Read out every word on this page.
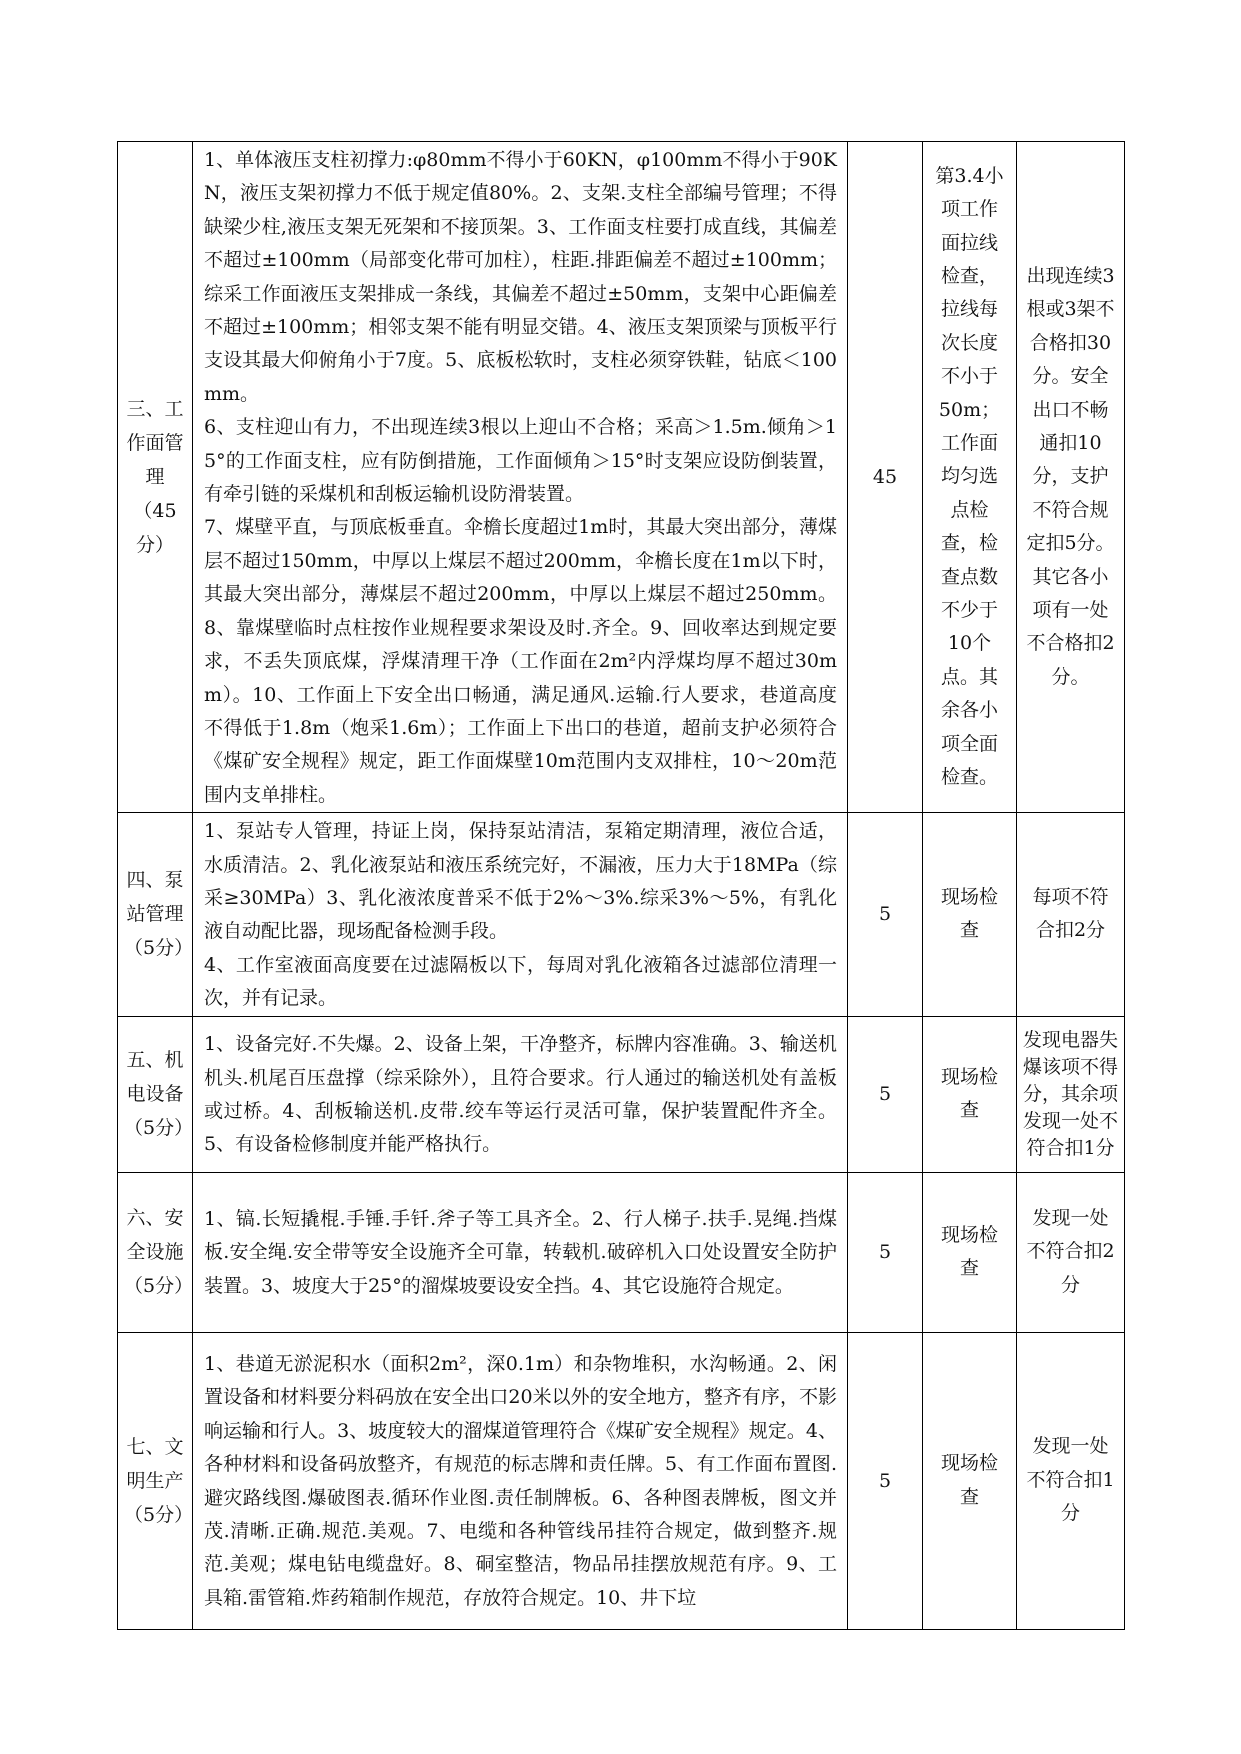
三、工作面管理（45分）	1、单体液压支柱初撑力:φ80mm不得小于60KN，φ100mm不得小于90KN，液压支架初撑力不低于规定值80%。2、支架.支柱全部编号管理；不得缺梁少柱,液压支架无死架和不接顶架。3、工作面支柱要打成直线，其偏差不超过±100mm（局部变化带可加柱），柱距.排距偏差不超过±100mm；综采工作面液压支架排成一条线，其偏差不超过±50mm，支架中心距偏差不超过±100mm；相邻支架不能有明显交错。4、液压支架顶梁与顶板平行支设其最大仰俯角小于7度。5、底板松软时，支柱必须穿铁鞋，钻底＜100mm。

6、支柱迎山有力，不出现连续3根以上迎山不合格；采高＞1.5m.倾角＞15°的工作面支柱，应有防倒措施，工作面倾角＞15°时支架应设防倒装置，有牵引链的采煤机和刮板运输机设防滑装置。

7、煤壁平直，与顶底板垂直。伞檐长度超过1m时，其最大突出部分，薄煤层不超过150mm，中厚以上煤层不超过200mm，伞檐长度在1m以下时，其最大突出部分，薄煤层不超过200mm，中厚以上煤层不超过250mm。8、靠煤壁临时点柱按作业规程要求架设及时.齐全。9、回收率达到规定要求，不丢失顶底煤，浮煤清理干净（工作面在2m²内浮煤均厚不超过30mm）。10、工作面上下安全出口畅通，满足通风.运输.行人要求，巷道高度不得低于1.8m（炮采1.6m）；工作面上下出口的巷道，超前支护必须符合《煤矿安全规程》规定，距工作面煤壁10m范围内支双排柱，10～20m范围内支单排柱。	45	第3.4小项工作面拉线检查，拉线每次长度不小于50m；工作面均匀选点检查，检查点数不少于10个点。其余各小项全面检查。	出现连续3根或3架不合格扣30分。安全出口不畅通扣10分，支护不符合规定扣5分。其它各小项有一处不合格扣2分。
四、泵站管理（5分）	1、泵站专人管理，持证上岗，保持泵站清洁，泵箱定期清理，液位合适，水质清洁。2、乳化液泵站和液压系统完好，不漏液，压力大于18MPa（综采≥30MPa）3、乳化液浓度普采不低于2%～3%.综采3%～5%，有乳化液自动配比器，现场配备检测手段。

4、工作室液面高度要在过滤隔板以下，每周对乳化液箱各过滤部位清理一次，并有记录。	5	现场检查	每项不符合扣2分
五、机电设备（5分）	1、设备完好.不失爆。2、设备上架，干净整齐，标牌内容准确。3、输送机机头.机尾百压盘撑（综采除外），且符合要求。行人通过的输送机处有盖板或过桥。4、刮板输送机.皮带.绞车等运行灵活可靠，保护装置配件齐全。5、有设备检修制度并能严格执行。	5	现场检查	发现电器失爆该项不得分，其余项发现一处不符合扣1分
六、安全设施（5分）	1、镐.长短撬棍.手锤.手钎.斧子等工具齐全。2、行人梯子.扶手.晃绳.挡煤板.安全绳.安全带等安全设施齐全可靠，转载机.破碎机入口处设置安全防护装置。3、坡度大于25°的溜煤坡要设安全挡。4、其它设施符合规定。	5	现场检查	发现一处不符合扣2分
七、文明生产（5分）	1、巷道无淤泥积水（面积2m²，深0.1m）和杂物堆积，水沟畅通。2、闲置设备和材料要分料码放在安全出口20米以外的安全地方，整齐有序，不影响运输和行人。3、坡度较大的溜煤道管理符合《煤矿安全规程》规定。4、各种材料和设备码放整齐，有规范的标志牌和责任牌。5、有工作面布置图.避灾路线图.爆破图表.循环作业图.责任制牌板。6、各种图表牌板，图文并茂.清晰.正确.规范.美观。7、电缆和各种管线吊挂符合规定，做到整齐.规范.美观；煤电钻电缆盘好。8、硐室整洁，物品吊挂摆放规范有序。9、工具箱.雷管箱.炸药箱制作规范，存放符合规定。10、井下垃	5	现场检查	发现一处不符合扣1分
